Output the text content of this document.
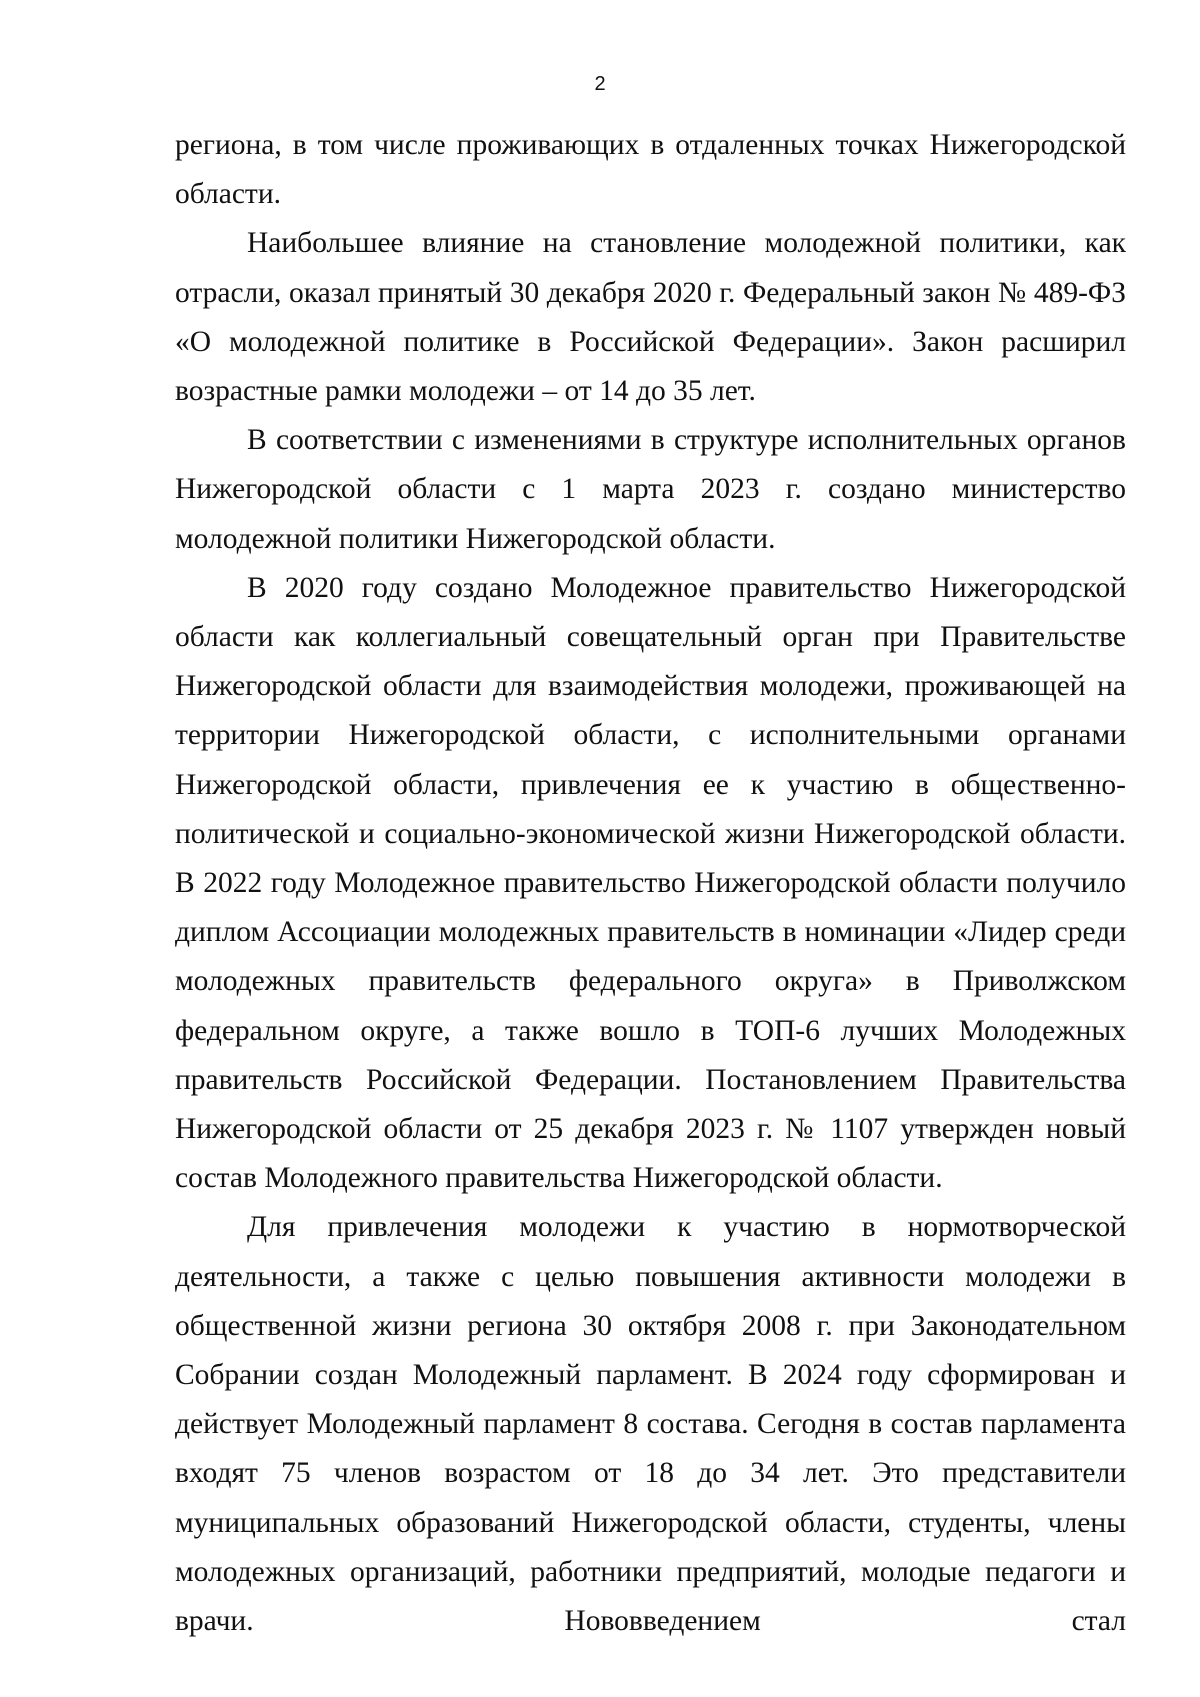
2

региона, в том числе проживающих в отдаленных точках Нижегородской области.

Наибольшее влияние на становление молодежной политики, как отрасли, оказал принятый 30 декабря 2020 г. Федеральный закон № 489-ФЗ «О молодежной политике в Российской Федерации». Закон расширил возрастные рамки молодежи – от 14 до 35 лет.

В соответствии с изменениями в структуре исполнительных органов Нижегородской области с 1 марта 2023 г. создано министерство молодежной политики Нижегородской области.

В 2020 году создано Молодежное правительство Нижегородской области как коллегиальный совещательный орган при Правительстве Нижегородской области для взаимодействия молодежи, проживающей на территории Нижегородской области, с исполнительными органами Нижегородской области, привлечения ее к участию в общественно-политической и социально-экономической жизни Нижегородской области. В 2022 году Молодежное правительство Нижегородской области получило диплом Ассоциации молодежных правительств в номинации «Лидер среди молодежных правительств федерального округа» в Приволжском федеральном округе, а также вошло в ТОП-6 лучших Молодежных правительств Российской Федерации. Постановлением Правительства Нижегородской области от 25 декабря 2023 г. № 1107 утвержден новый состав Молодежного правительства Нижегородской области.

Для привлечения молодежи к участию в нормотворческой деятельности, а также с целью повышения активности молодежи в общественной жизни региона 30 октября 2008 г. при Законодательном Собрании создан Молодежный парламент. В 2024 году сформирован и действует Молодежный парламент 8 состава. Сегодня в состав парламента входят 75 членов возрастом от 18 до 34 лет. Это представители муниципальных образований Нижегородской области, студенты, члены молодежных организаций, работники предприятий, молодые педагоги и врачи. Нововведением стал
